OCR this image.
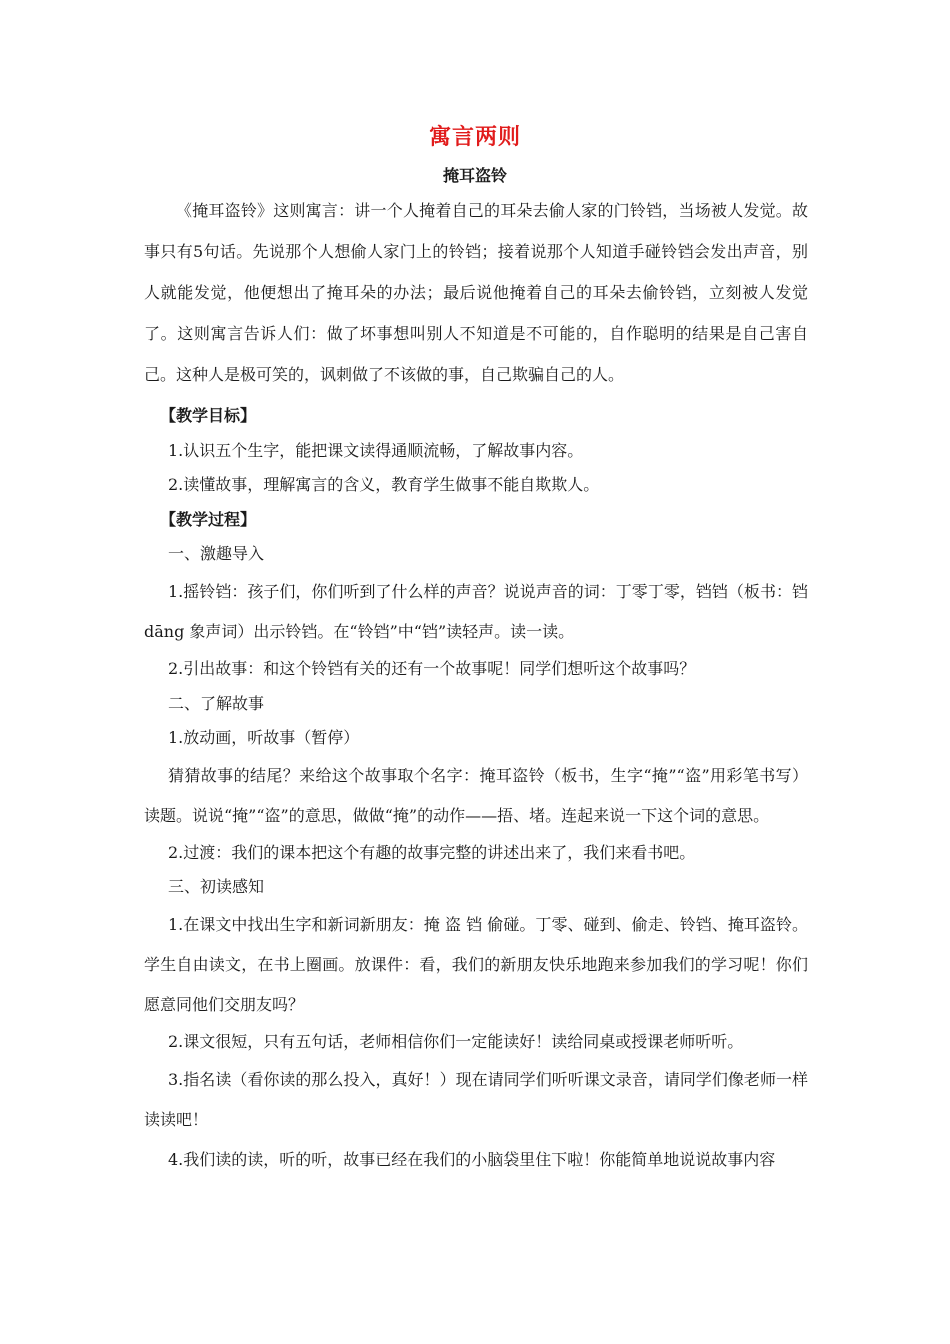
寓言两则
掩耳盗铃

《掩耳盗铃》这则寓言：讲一个人掩着自己的耳朵去偷人家的门铃铛，当场被人发觉。故事只有5句话。先说那个人想偷人家门上的铃铛；接着说那个人知道手碰铃铛会发出声音，别人就能发觉，他便想出了掩耳朵的办法；最后说他掩着自己的耳朵去偷铃铛，立刻被人发觉了。这则寓言告诉人们：做了坏事想叫别人不知道是不可能的，自作聪明的结果是自己害自己。这种人是极可笑的，讽刺做了不该做的事，自己欺骗自己的人。

【教学目标】

1.认识五个生字，能把课文读得通顺流畅，了解故事内容。

2.读懂故事，理解寓言的含义，教育学生做事不能自欺欺人。

【教学过程】

一、激趣导入

1.摇铃铛：孩子们，你们听到了什么样的声音？说说声音的词：丁零丁零，铛铛（板书：铛 dāng 象声词）出示铃铛。在“铃铛”中“铛”读轻声。读一读。

2.引出故事：和这个铃铛有关的还有一个故事呢！同学们想听这个故事吗？

二、了解故事

1.放动画，听故事（暂停）

猜猜故事的结尾？来给这个故事取个名字：掩耳盗铃（板书，生字“掩”“盗”用彩笔书写）读题。说说“掩”“盗”的意思，做做“掩”的动作——捂、堵。连起来说一下这个词的意思。

2.过渡：我们的课本把这个有趣的故事完整的讲述出来了，我们来看书吧。

三、初读感知

1.在课文中找出生字和新词新朋友：掩 盗 铛 偷碰。丁零、碰到、偷走、铃铛、掩耳盗铃。学生自由读文，在书上圈画。放课件：看，我们的新朋友快乐地跑来参加我们的学习呢！你们愿意同他们交朋友吗？

2.课文很短，只有五句话，老师相信你们一定能读好！读给同桌或授课老师听听。

3.指名读（看你读的那么投入，真好！）现在请同学们听听课文录音，请同学们像老师一样读读吧！

4.我们读的读，听的听，故事已经在我们的小脑袋里住下啦！你能简单地说说故事内容
